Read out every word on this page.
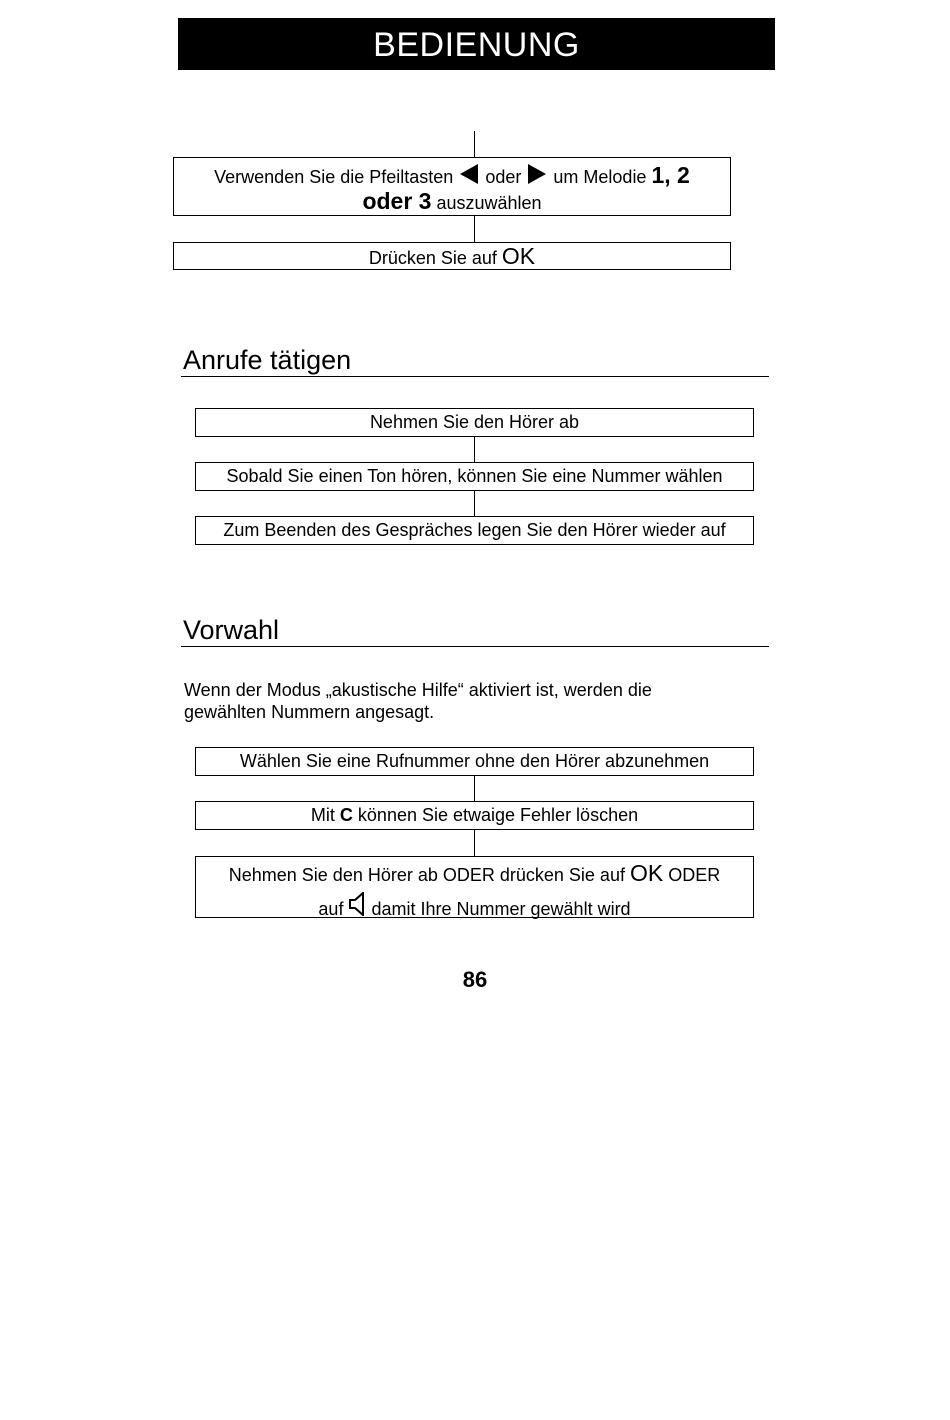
BEDIENUNG
Verwenden Sie die Pfeiltasten oder um Melodie 1, 2
oder 3 auszuwählen
Drücken Sie auf OK
Anrufe tätigen
Nehmen Sie den Hörer ab
Sobald Sie einen Ton hören, können Sie eine Nummer wählen
Zum Beenden des Gespräches legen Sie den Hörer wieder auf
Vorwahl
Wenn der Modus „akustische Hilfe“ aktiviert ist, werden die
gewählten Nummern angesagt.
Wählen Sie eine Rufnummer ohne den Hörer abzunehmen
Mit C können Sie etwaige Fehler löschen
Nehmen Sie den Hörer ab ODER drücken Sie auf OK ODER
auf damit Ihre Nummer gewählt wird
86
